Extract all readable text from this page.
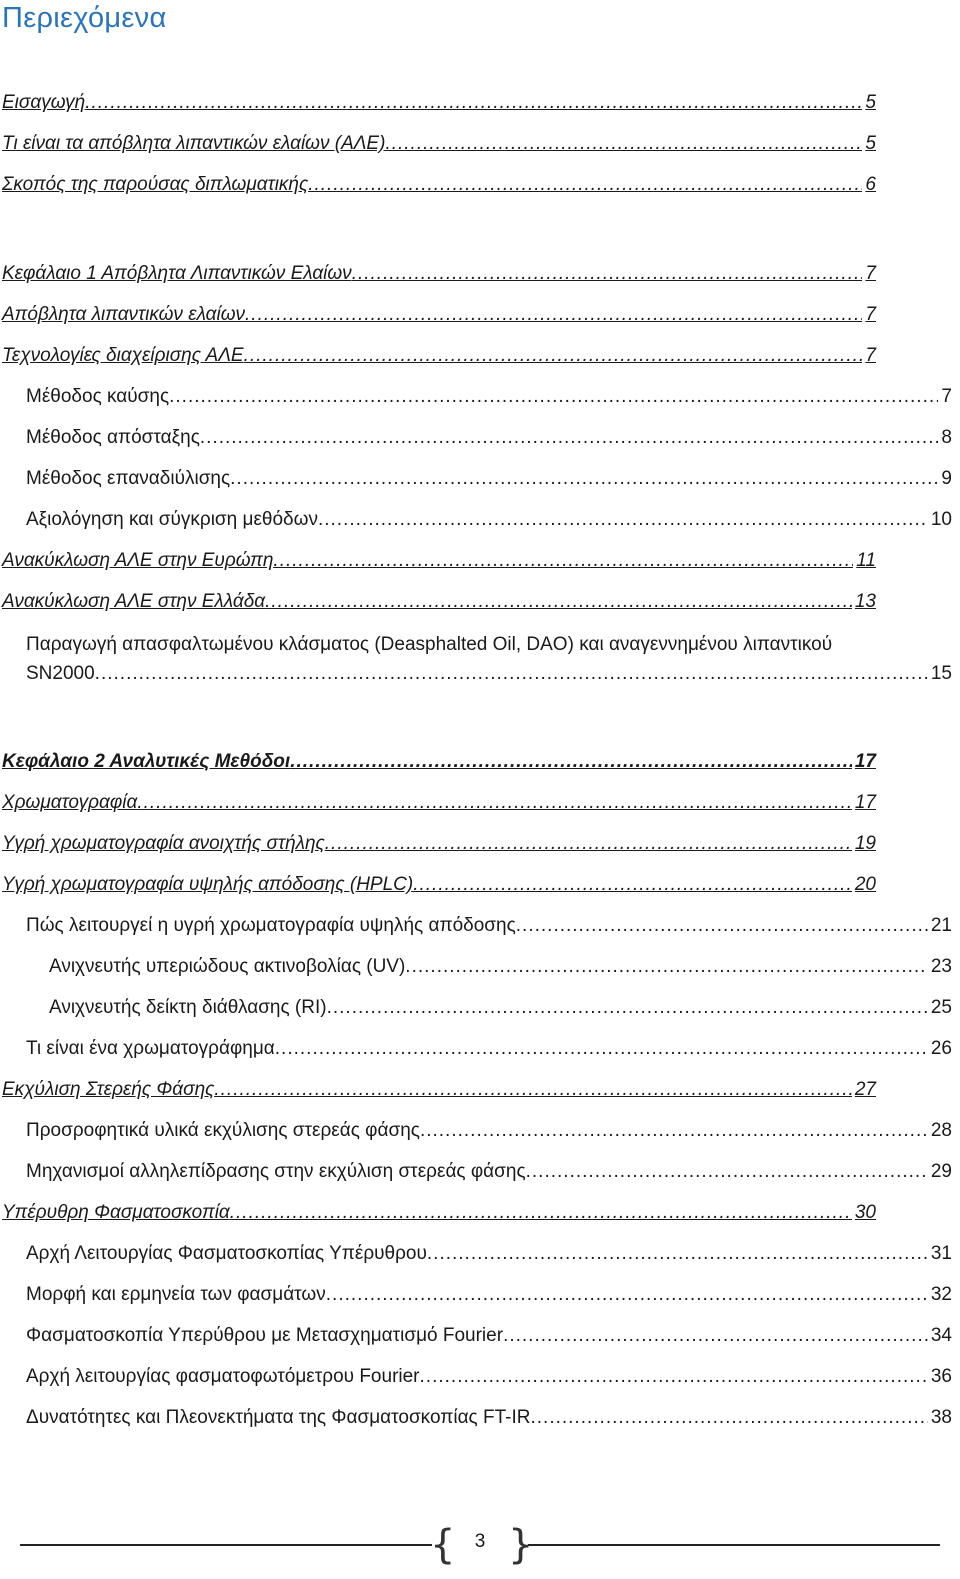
Περιεχόμενα
Εισαγωγή .....	5
Τι είναι τα απόβλητα λιπαντικών ελαίων (ΑΛΕ) .....	5
Σκοπός της παρούσας διπλωματικής .....	6
Κεφάλαιο 1 Απόβλητα Λιπαντικών Ελαίων .....	7
Απόβλητα λιπαντικών ελαίων .....	7
Τεχνολογίες διαχείρισης ΑΛΕ .....	7
Μέθοδος καύσης .....	7
Μέθοδος απόσταξης .....	8
Μέθοδος επαναδιύλισης .....	9
Αξιολόγηση και σύγκριση μεθόδων .....	10
Ανακύκλωση ΑΛΕ στην Ευρώπη .....	11
Ανακύκλωση ΑΛΕ στην Ελλάδα .....	13
Παραγωγή απασφαλτωμένου κλάσματος (Deasphalted Oil, DAO) και αναγεννημένου λιπαντικού
SN2000 .....	15
Κεφάλαιο 2 Αναλυτικές Μεθόδοι .....	17
Χρωματογραφία .....	17
Υγρή χρωματογραφία ανοιχτής στήλης .....	19
Υγρή χρωματογραφία υψηλής απόδοσης (HPLC) .....	20
Πώς λειτουργεί η υγρή χρωματογραφία υψηλής απόδοσης .....	21
Ανιχνευτής υπεριώδους ακτινοβολίας (UV) .....	23
Ανιχνευτής δείκτη διάθλασης (RI) .....	25
Τι είναι ένα χρωματογράφημα .....	26
Εκχύλιση Στερεής Φάσης .....	27
Προσροφητικά υλικά εκχύλισης στερεάς φάσης .....	28
Μηχανισμοί αλληλεπίδρασης στην εκχύλιση στερεάς φάσης .....	29
Υπέρυθρη Φασματοσκοπία .....	30
Αρχή Λειτουργίας Φασματοσκοπίας Υπέρυθρου .....	31
Μορφή και ερμηνεία των φασμάτων .....	32
Φασματοσκοπία Υπερύθρου με Μετασχηματισμό Fourier .....	34
Αρχή λειτουργίας φασματοφωτόμετρου Fourier .....	36
Δυνατότητες και Πλεονεκτήματα της Φασματοσκοπίας FT-IR .....	38
{ }
3
